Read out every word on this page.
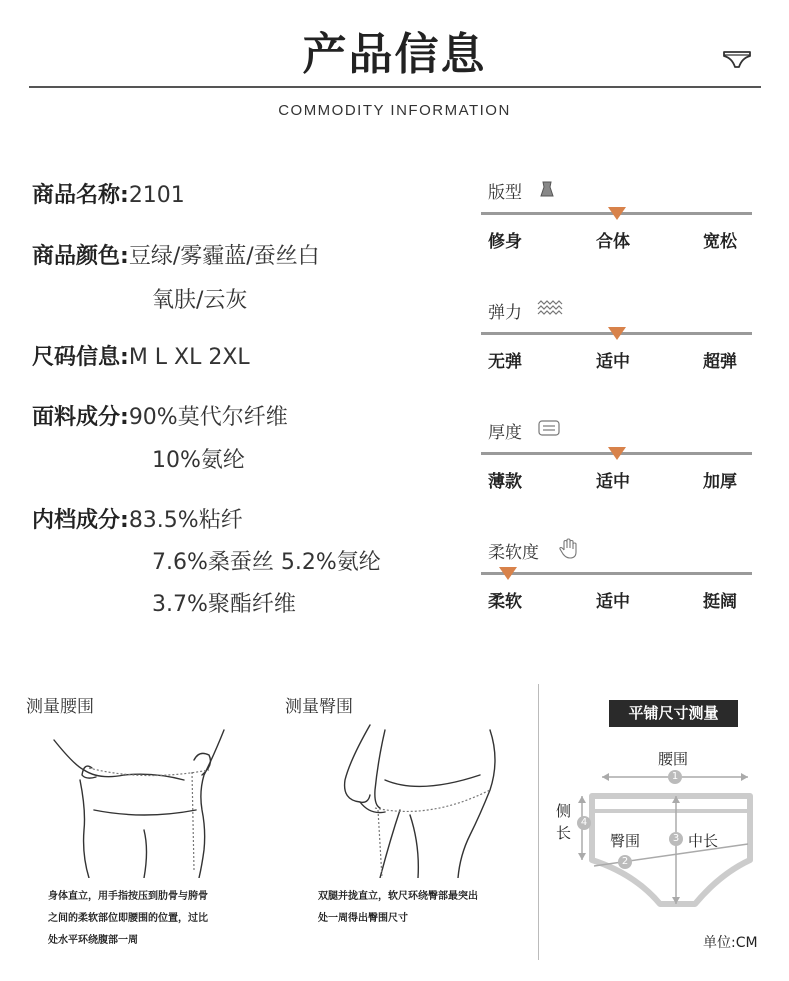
产品信息
COMMODITY INFORMATION
商品名称:2101
商品颜色:豆绿/雾霾蓝/蚕丝白
氧肤/云灰
尺码信息:M L XL 2XL
面料成分:90%莫代尔纤维
10%氨纶
内档成分:83.5%粘纤
7.6%桑蚕丝 5.2%氨纶
3.7%聚酯纤维
版型
弹力
厚度
柔软度
修身	合体	宽松
无弹	适中	超弹
薄款	适中	加厚
柔软	适中	挺阔
测量腰围
身体直立，用手指按压到肋骨与胯骨
之间的柔软部位即腰围的位置，过比
处水平环绕腹部一周
测量臀围
双腿并拢直立，软尺环绕臀部最突出
处一周得出臀围尺寸
平铺尺寸测量
腰围
1
4
3
2
侧
长	臀围	中长
单位:CM
